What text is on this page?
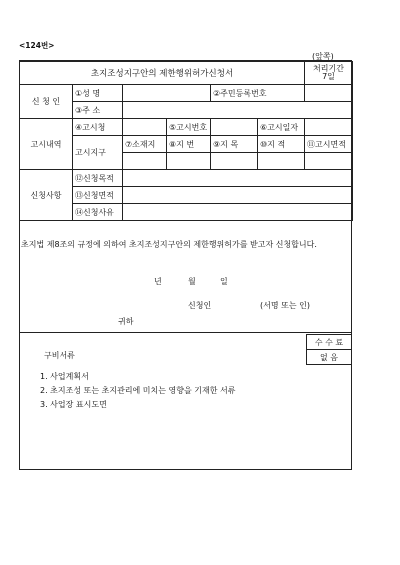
<124번>
(앞쪽)
초지조성지구안의 제한행위허가신청서						처리기간
7일

신 청 인	①성 명			②주민등록번호		
	③주 소					
고시내역	④고시청		⑤고시번호		⑥고시일자	
	고시지구	⑦소재지	⑧지 번	⑨지 목	⑩지 적	⑪고시면적

신청사항	⑫신청목적					
	⑬신청면적					
	⑭신청사유					
초지법 제8조의 규정에 의하여 초지조성지구안의 제한행위허가를 받고자 신청합니다.
년	월	일
신청인	(서명 또는 인)
귀하
구비서류
수 수 료
없 음
1. 사업계획서
2. 초지조성 또는 초지관리에 미치는 영향을 기재한 서류
3. 사업장 표시도면
